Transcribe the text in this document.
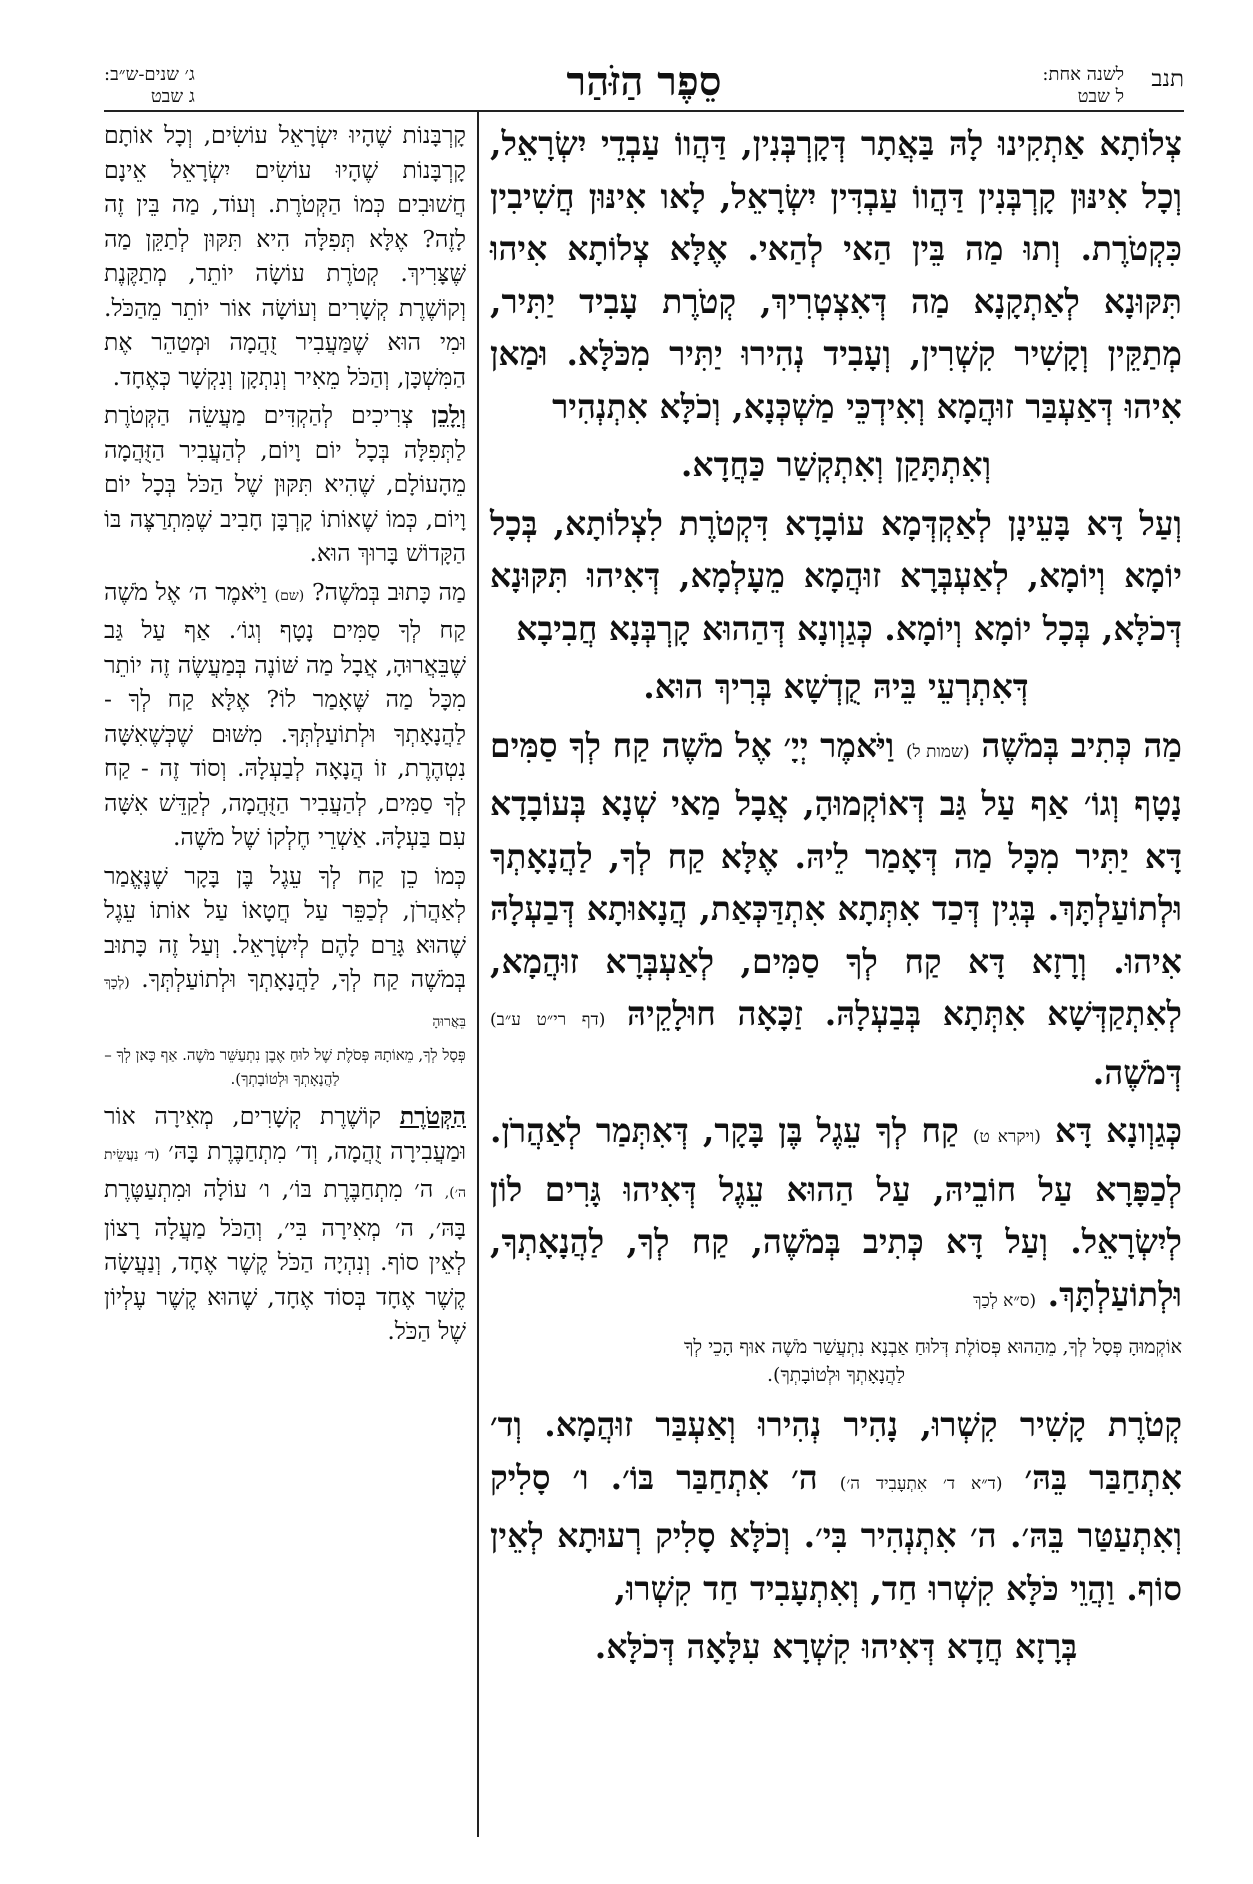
תנב
לשנה אחת:
ל שבט
סֵפֶר הַזֹּהַר
ג׳ שנים-ש״ב:
ג שבט

צְלוֹתָא אַתְקִינוּ לָהּ בַּאֲתָר דְּקָרְבְּנִין, דַּהֲווֹ עַבְדֵי יִשְׂרָאֵל, וְכָל אִינּוּן קָרְבְּנִין דַּהֲווֹ עַבְדִּין יִשְׂרָאֵל, לָאו אִינּוּן חֲשִׁיבִין כִּקְטֹרֶת. וְתוּ מַה בֵּין הַאי לְהַאי. אֶלָּא צְלוֹתָא אִיהוּ תִּקּוּנָא לְאַתְקָנָא מַה דְּאִצְטְרִיךְ, קְטֹרֶת עָבִיד יַתִּיר, מְתַקֵּין וְקָשִׁיר קִשְׁרִין, וְעָבִיד נְהִירוּ יַתִּיר מִכֹּלָּא. וּמַאן אִיהוּ דְּאַעְבַּר זוּהֲמָא וְאִידְכֵּי מַשְׁכְּנָא, וְכֹלָּא אִתְנְהִיר

וְאִתְתָּקַן וְאִתְקְשַׁר כַּחֲדָא.

וְעַל דָּא בָּעֵינָן לְאַקְדְּמָא עוֹבָדָא דִּקְטֹרֶת לִצְלוֹתָא, בְּכָל יוֹמָא וְיוֹמָא, לְאַעְבְּרָא זוּהֲמָא מֵעָלְמָא, דְּאִיהוּ תִּקּוּנָא דְּכֹלָּא, בְּכָל יוֹמָא וְיוֹמָא. כְּגַוְונָא דְּהַהוּא קָרְבְּנָא חֲבִיבָא

דְּאִתְרְעֵי בֵּיהּ קֻדְשָׁא בְּרִיךְ הוּא.

מַה כְּתִיב בְּמֹשֶׁה (שמות ל) וַיֹּאמֶר יְיָ׳ אֶל מֹשֶׁה קַח לְךָ סַמִּים נָטָף וְגוֹ׳ אַף עַל גַּב דְּאוֹקְמוּהָ, אֲבָל מַאי שְׁנָא בְּעוֹבָדָא דָּא יַתִּיר מִכָּל מַה דְּאָמַר לֵיהּ. אֶלָּא קַח לְךָ, לַהֲנָאָתְךָ וּלְתוֹעַלְתָּךְ. בְּגִין דְּכַד אִתְּתָא אִתְדַּכְּאַת, הֲנָאוּתָא דְּבַעְלָהּ אִיהוּ. וְרָזָא דָּא קַח לְךָ סַמִּים, לְאַעְבְּרָא זוּהֲמָא, לְאִתְקַדְּשָׁא אִתְּתָא בְּבַעְלָהּ. זַכָּאָה חוּלָקֵיהּ (דף רי״ט ע״ב) דְּמֹשֶׁה.

כְּגַוְונָא דָּא (ויקרא ט) קַח לְךָ עֵגֶל בֶּן בָּקָר, דְּאִתְּמַר לְאַהֲרֹן. לְכַפָּרָא עַל חוֹבֵיהּ, עַל הַהוּא עֵגֶל דְּאִיהוּ גָּרִים לוֹן לְיִשְׂרָאֵל. וְעַל דָּא כְּתִיב בְּמֹשֶׁה, קַח לְךָ, לַהֲנָאָתְךָ, וּלְתוֹעַלְתָּךְ. (ס״א לְכַךְ

אוֹקְמוּהָ פְּסָל לְךָ, מֵהַהוּא פְּסוֹלֶת דְּלוּחַ אַבְנָא נִתְעֲשַׁר מֹשֶׁה אוּף הָכֵי לְךָ
לַהֲנָאָתְךָ וּלְטוֹבָתְךָ).

קְטֹרֶת קָשִׁיר קִשְׁרוּ, נָהִיר נְהִירוּ וְאַעְבַּר זוּהֲמָא. וְד׳ אִתְחַבַּר בֵּהּ׳ (ד״א ד׳ אִתְעָבִיד ה׳) ה׳ אִתְחַבַּר בּוֹ׳. ו׳ סָלִיק וְאִתְעַטַּר בֵּהּ׳. ה׳ אִתְנְהִיר בִּי׳. וְכֹלָּא סָלִיק רְעוּתָא לְאֵין סוֹף. וַהֲוֵי כֹּלָּא קִשְׁרוּ חַד, וְאִתְעָבִיד חַד קִשְׁרוּ,

בְּרָזָא חֲדָא דְּאִיהוּ קִשְׁרָא עִלָּאָה דְּכֹלָּא.

קָרְבָּנוֹת שֶׁהָיוּ יִשְׂרָאֵל עוֹשִׂים, וְכָל אוֹתָם קָרְבָּנוֹת שֶׁהָיוּ עוֹשִׂים יִשְׂרָאֵל אֵינָם חֲשׁוּבִים כְּמוֹ הַקְּטֹרֶת. וְעוֹד, מַה בֵּין זֶה לָזֶה? אֶלָּא תְּפִלָּה הִיא תִּקּוּן לְתַקֵּן מַה שֶּׁצָּרִיךְ. קְטֹרֶת עוֹשָׂה יוֹתֵר, מְתַקֶּנֶת וְקוֹשֶׁרֶת קְשָׁרִים וְעוֹשָׂה אוֹר יוֹתֵר מֵהַכֹּל. וּמִי הוּא שֶׁמַּעֲבִיר זֻהֲמָה וּמְטַהֵר אֶת הַמִּשְׁכָּן, וְהַכֹּל מֵאִיר וְנִתְקָן וְנִקְשָׁר כְּאֶחָד.

וְלָכֵן צְרִיכִים לְהַקְדִּים מַעֲשֵׂה הַקְּטֹרֶת לַתְּפִלָּה בְּכָל יוֹם וָיוֹם, לְהַעֲבִיר הַזֻּהֲמָה מֵהָעוֹלָם, שֶׁהִיא תִּקּוּן שֶׁל הַכֹּל בְּכָל יוֹם וָיוֹם, כְּמוֹ שֶׁאוֹתוֹ קָרְבָּן חָבִיב שֶׁמִּתְרַצֶּה בּוֹ הַקָּדוֹשׁ בָּרוּךְ הוּא.

מַה כָּתוּב בְּמֹשֶׁה? (שם) וַיֹּאמֶר ה׳ אֶל מֹשֶׁה קַח לְךָ סַמִּים נָטָף וְגוֹ׳. אַף עַל גַּב שֶׁבֵּאֲרוּהָ, אֲבָל מַה שּׁוֹנֶה בְּמַעֲשֶׂה זֶה יוֹתֵר מִכָּל מַה שֶּׁאָמַר לוֹ? אֶלָּא קַח לְךָ - לַהֲנָאָתְךָ וּלְתוֹעַלְתְּךָ. מִשּׁוּם שֶׁכְּשֶׁאִשָּׁה נִטְהֶרֶת, זוֹ הֲנָאָה לְבַעְלָהּ. וְסוֹד זֶה - קַח לְךָ סַמִּים, לְהַעֲבִיר הַזֻּהֲמָה, לְקַדֵּשׁ אִשָּׁה עִם בַּעְלָהּ. אַשְׁרֵי חֶלְקוֹ שֶׁל מֹשֶׁה.

כְּמוֹ כֵן קַח לְךָ עֵגֶל בֶּן בָּקָר שֶׁנֶּאֱמַר לְאַהֲרֹן, לְכַפֵּר עַל חֲטָאוֹ עַל אוֹתוֹ עֵגֶל שֶׁהוּא גָּרַם לָהֶם לְיִשְׂרָאֵל. וְעַל זֶה כָּתוּב בְּמֹשֶׁה קַח לְךָ, לַהֲנָאָתְךָ וּלְתוֹעַלְתְּךָ. (לְכָךְ בֵּאֲרוּהָ

פְּסָל לְךָ, מֵאוֹתָהּ פְּסֹלֶת שֶׁל לוּחַ אֶבֶן נִתְעַשֵּׁר מֹשֶׁה. אַף כָּאן לְךָ – לַהֲנָאָתְךָ וּלְטוֹבָתְךָ).

הַקְּטֹרֶת קוֹשֶׁרֶת קְשָׁרִים, מְאִירָה אוֹר וּמַעֲבִירָה זֻהֲמָה, וְד׳ מִתְחַבֶּרֶת בָּהּ׳ (ד׳ נַעֲשֵׂית ה׳), ה׳ מִתְחַבֶּרֶת בּוֹ׳, ו׳ עוֹלָה וּמִתְעַטֶּרֶת בָּהּ׳, ה׳ מְאִירָה בִּי׳, וְהַכֹּל מַעֲלָה רָצוֹן לְאֵין סוֹף. וְנִהְיָה הַכֹּל קֶשֶׁר אֶחָד, וְנַעֲשָׂה קֶשֶׁר אֶחָד בְּסוֹד אֶחָד, שֶׁהוּא קֶשֶׁר עֶלְיוֹן שֶׁל הַכֹּל.
